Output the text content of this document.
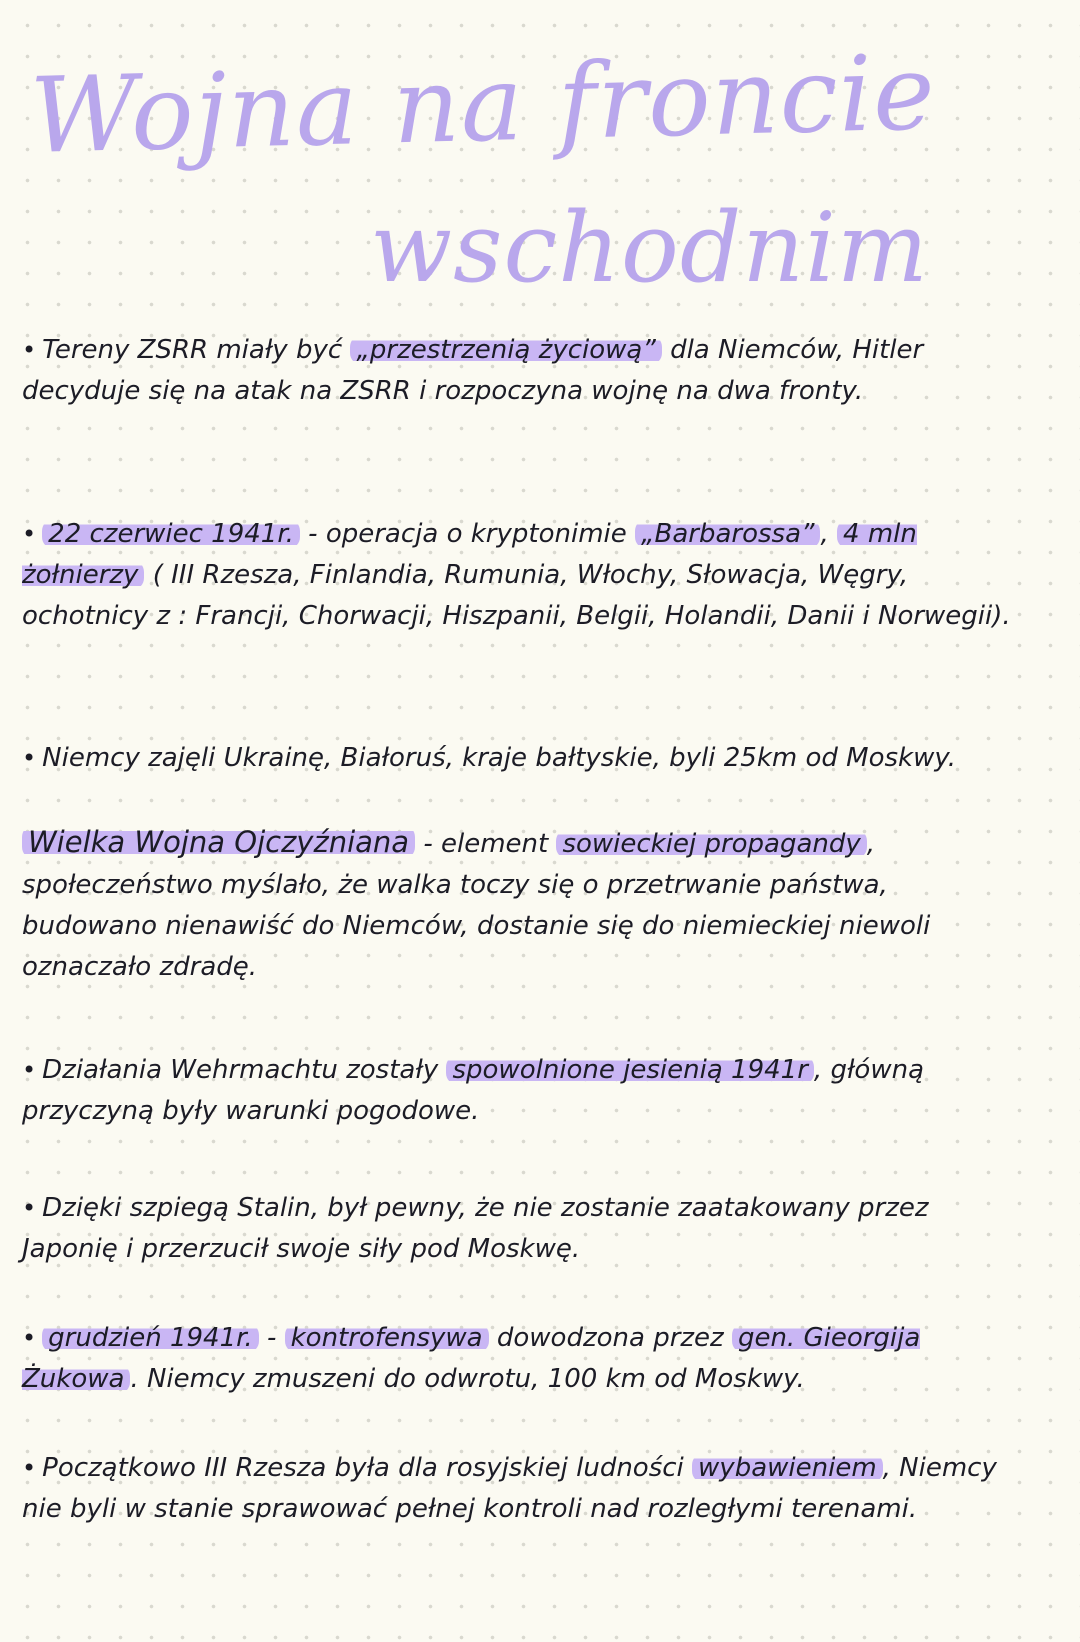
Wojna na froncie
wschodnim
• Tereny ZSRR miały być „przestrzenią życiową” dla Niemców, Hitler decyduje się na atak na ZSRR i rozpoczyna wojnę na dwa fronty.
• 22 czerwiec 1941r. - operacja o kryptonimie „Barbarossa” , 4 mln żołnierzy ( III Rzesza, Finlandia, Rumunia, Włochy, Słowacja, Węgry, ochotnicy z : Francji, Chorwacji, Hiszpanii, Belgii, Holandii, Danii i Norwegii).
• Niemcy zajęli Ukrainę, Białoruś, kraje bałtyskie, byli 25km od Moskwy.
Wielka Wojna Ojczyźniana - element sowieckiej propagandy , społeczeństwo myślało, że walka toczy się o przetrwanie państwa, budowano nienawiść do Niemców, dostanie się do niemieckiej niewoli oznaczało zdradę.
• Działania Wehrmachtu zostały spowolnione jesienią 1941r , główną przyczyną były warunki pogodowe.
• Dzięki szpiegą Stalin, był pewny, że nie zostanie zaatakowany przez Japonię i przerzucił swoje siły pod Moskwę.
• grudzień 1941r. - kontrofensywa dowodzona przez gen. Gieorgija Żukowa . Niemcy zmuszeni do odwrotu, 100 km od Moskwy.
• Początkowo III Rzesza była dla rosyjskiej ludności wybawieniem , Niemcy nie byli w stanie sprawować pełnej kontroli nad rozległymi terenami.
